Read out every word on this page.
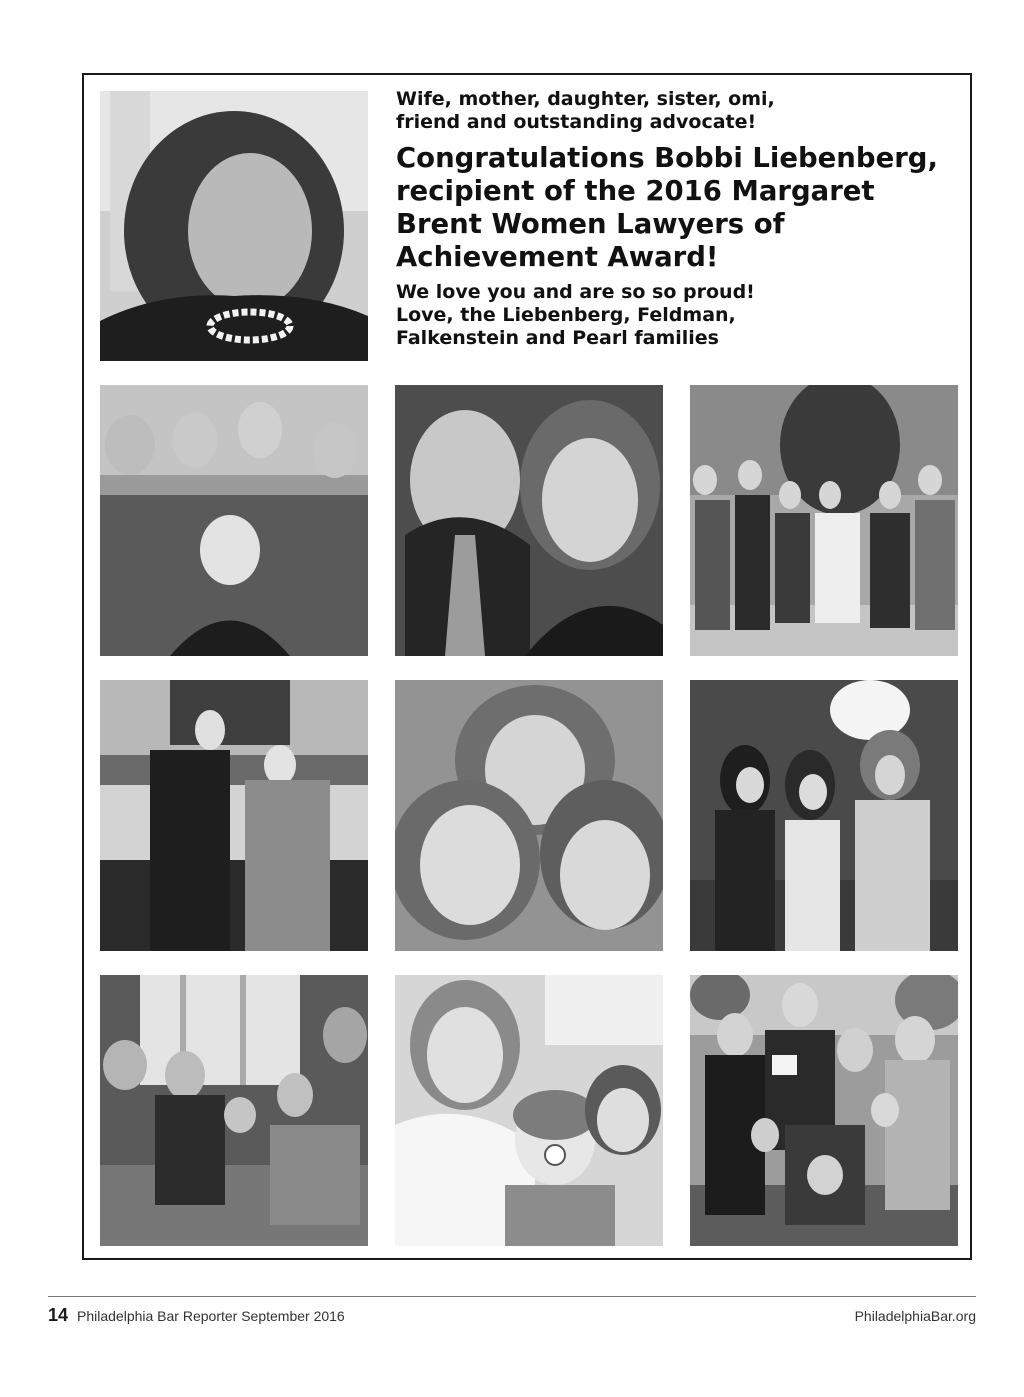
Wife, mother, daughter, sister, omi,
friend and outstanding advocate!

Congratulations Bobbi Liebenberg,
recipient of the 2016 Margaret
Brent Women Lawyers of
Achievement Award!

We love you and are so so proud!
Love, the Liebenberg, Feldman,
Falkenstein and Pearl families

14 Philadelphia Bar Reporter September 2016	PhiladelphiaBar.org
